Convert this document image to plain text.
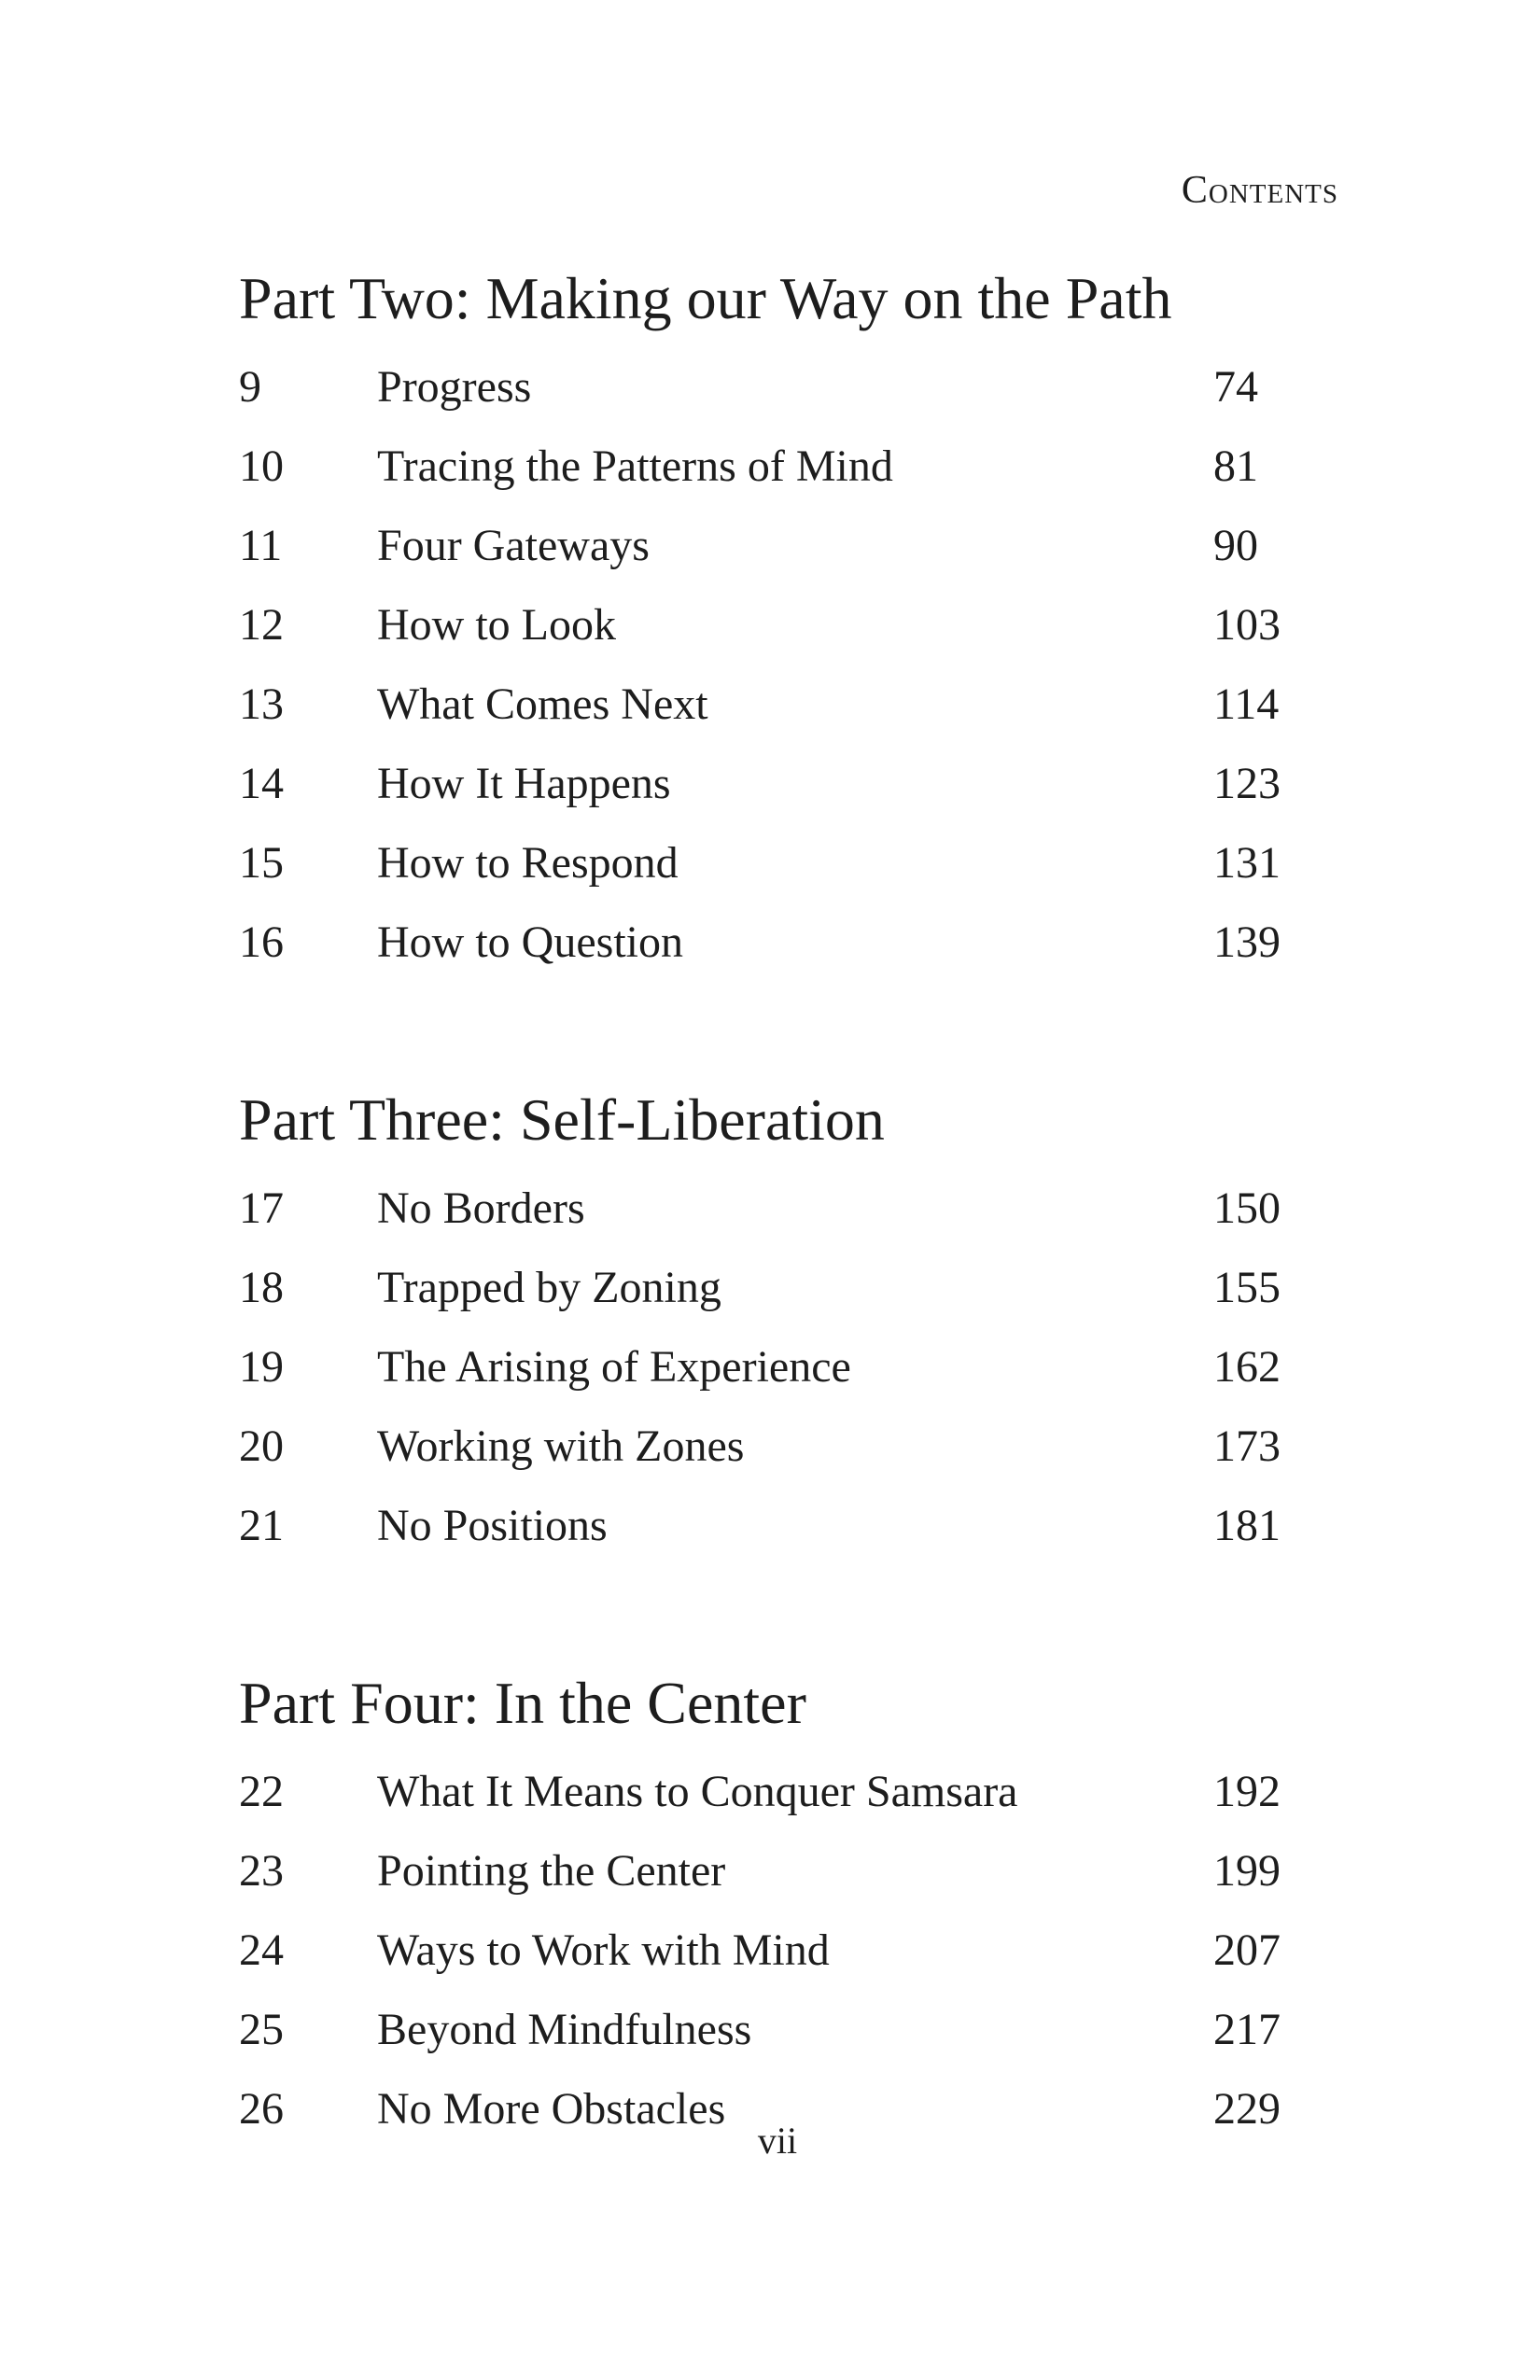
Contents
Part Two: Making our Way on the Path
9	Progress	74
10	Tracing the Patterns of Mind	81
11	Four Gateways	90
12	How to Look	103
13	What Comes Next	114
14	How It Happens	123
15	How to Respond	131
16	How to Question	139
Part Three: Self-Liberation
17	No Borders	150
18	Trapped by Zoning	155
19	The Arising of Experience	162
20	Working with Zones	173
21	No Positions	181
Part Four: In the Center
22	What It Means to Conquer Samsara	192
23	Pointing the Center	199
24	Ways to Work with Mind	207
25	Beyond Mindfulness	217
26	No More Obstacles	229
vii
